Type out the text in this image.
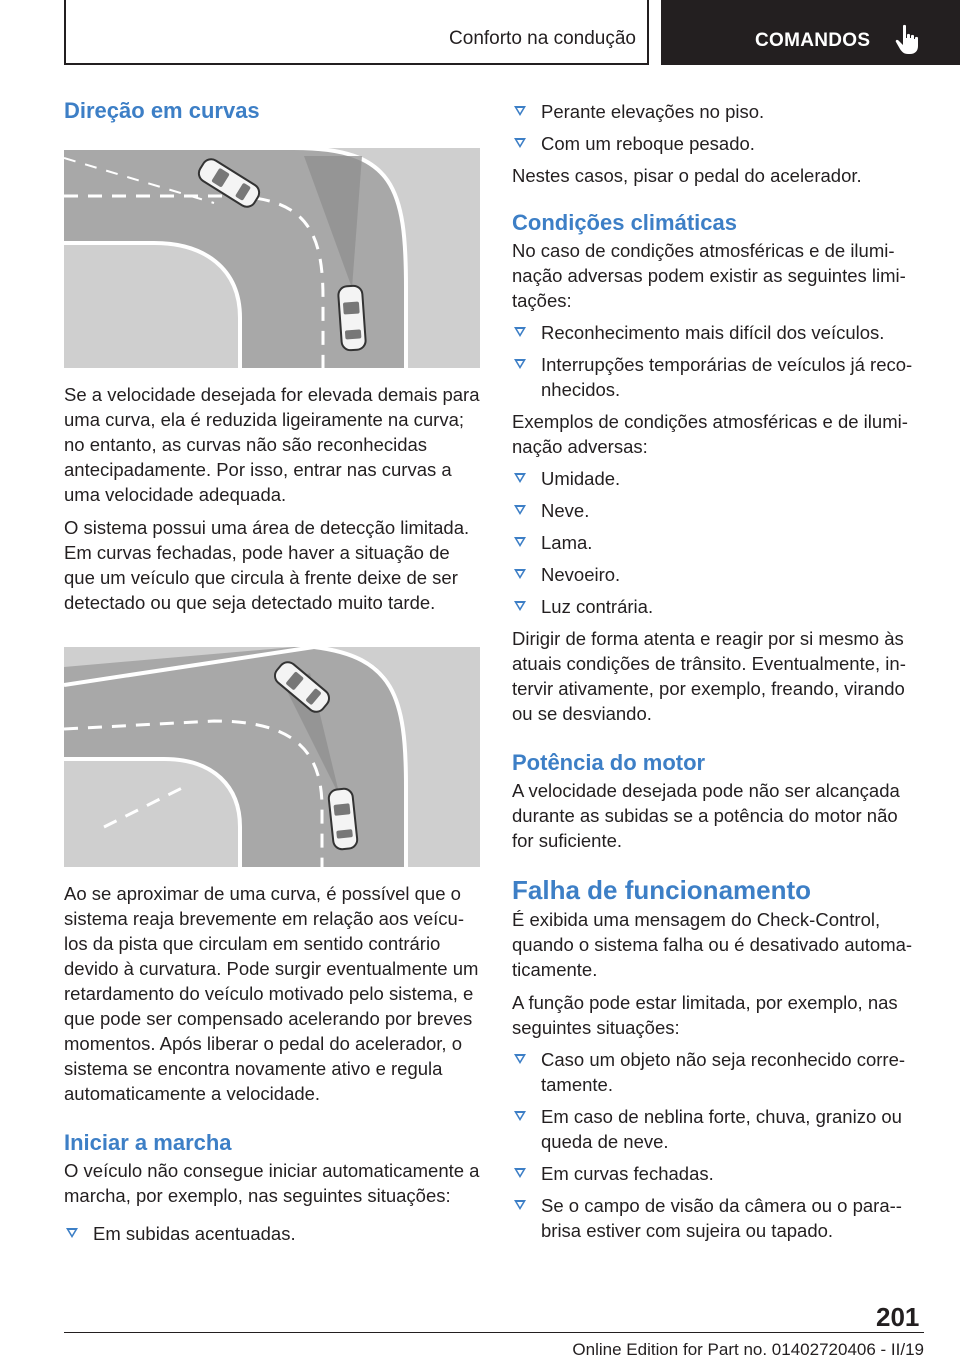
Conforto na condução	COMANDOS
Direção em curvas

Se a velocidade desejada for elevada demais para uma curva, ela é reduzida ligeiramente na curva; no entanto, as curvas não são reconhecidas antecipadamente. Por isso, entrar nas curvas a uma velocidade adequada.

O sistema possui uma área de detecção limitada. Em curvas fechadas, pode haver a situação de que um veículo que circula à frente deixe de ser detectado ou que seja detectado muito tarde.

Ao se aproximar de uma curva, é possível que o sistema reaja brevemente em relação aos veículos da pista que circulam em sentido contrário devido à curvatura. Pode surgir eventualmente um retardamento do veículo motivado pelo sistema, e que pode ser compensado acelerando por breves momentos. Após liberar o pedal do acelerador, o sistema se encontra novamente ativo e regula automaticamente a velocidade.

Iniciar a marcha

O veículo não consegue iniciar automaticamente a marcha, por exemplo, nas seguintes situações:

Em subidas acentuadas.
Perante elevações no piso.
Com um reboque pesado.

Nestes casos, pisar o pedal do acelerador.

Condições climáticas

No caso de condições atmosféricas e de iluminação adversas podem existir as seguintes limitações:

Reconhecimento mais difícil dos veículos.
Interrupções temporárias de veículos já reconhecidos.

Exemplos de condições atmosféricas e de iluminação adversas:

Umidade.
Neve.
Lama.
Nevoeiro.
Luz contrária.

Dirigir de forma atenta e reagir por si mesmo às atuais condições de trânsito. Eventualmente, intervir ativamente, por exemplo, freando, virando ou se desviando.

Potência do motor

A velocidade desejada pode não ser alcançada durante as subidas se a potência do motor não for suficiente.

Falha de funcionamento

É exibida uma mensagem do Check-Control, quando o sistema falha ou é desativado automaticamente.

A função pode estar limitada, por exemplo, nas seguintes situações:

Caso um objeto não seja reconhecido corretamente.
Em caso de neblina forte, chuva, granizo ou queda de neve.
Em curvas fechadas.
Se o campo de visão da câmera ou o para-brisa estiver com sujeira ou tapado.
201
Online Edition for Part no. 01402720406 - II/19
